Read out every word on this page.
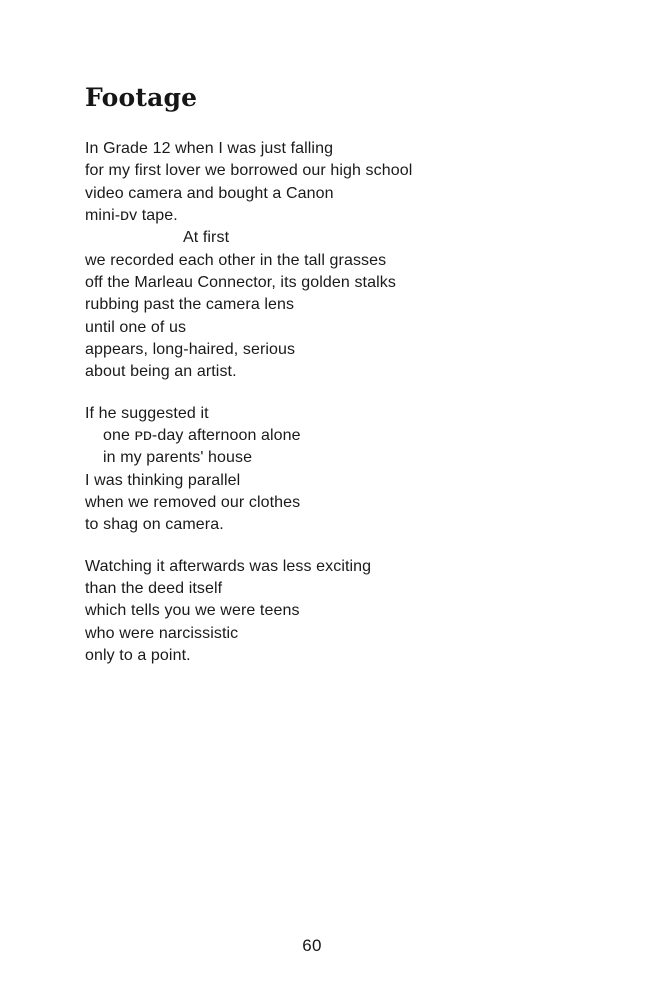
Footage
In Grade 12 when I was just falling
for my first lover we borrowed our high school
video camera and bought a Canon
mini-ᴅᴠ tape.
At first
we recorded each other in the tall grasses
off the Marleau Connector, its golden stalks
rubbing past the camera lens
until one of us
appears, long-haired, serious
about being an artist.
If he suggested it
one ᴘᴅ-day afternoon alone
in my parents' house
I was thinking parallel
when we removed our clothes
to shag on camera.
Watching it afterwards was less exciting
than the deed itself
which tells you we were teens
who were narcissistic
only to a point.
60
